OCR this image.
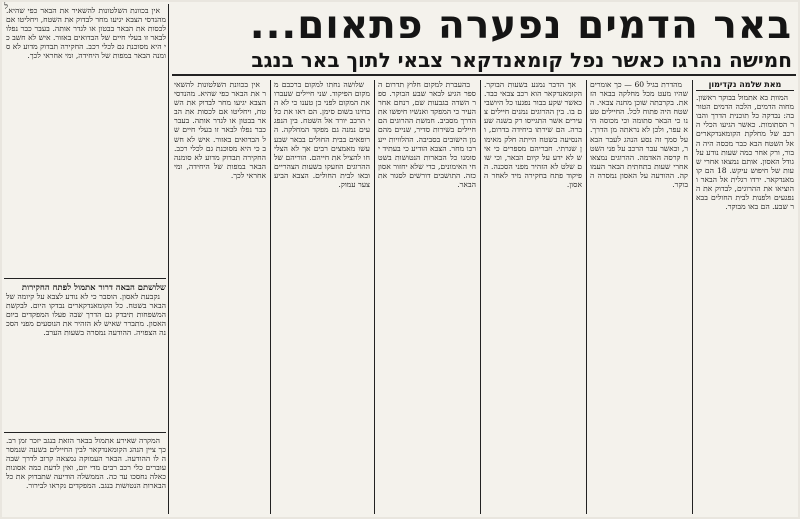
ל	באר הדמים נפערה פתאום...
חמישה נהרגו כאשר נפל קומאנדקאר צבאי לתוך באר בנגב

אין בכוונת השלטונות להשאיר את הבאר כפי שהיא. מהנדסי הצבא יגיעו מחר לבדוק את השטח, ויחליטו אם לכסות את הבאר בבטון או לגדר אותה. בעבר כבר נפלו לבאר זו בעלי חיים של הבדואים באזור. איש לא חשב כי היא מסוכנת גם לכלי רכב. החקירה תבדוק מדוע לא סומנה הבאר במפות של היחידה, ומי אחראי לכך.

שלושתם הבאה דרור אתמול לפתח החקירות

נקבעת לאסון. הוסבר כי לא נודע לצבא על קיומה של הבאר בשטח. כל הקומאנדקארים נבדקו היום. לבקשת המשפחות תיבדק גם הדרך שבה פעלו המפקדים ביום האסון. מתברר שאיש לא הזהיר את הנוסעים מפני הסכנה הצפויה. ההודעה נמסרה בשעות הערב.

המקרה שאירע אתמול בבאר הזאת בנגב יזכר זמן רב. כך ציין הנהג הקומאנדקאר לבין החיילים בשעה שנמסרה לו ההודעה. הבאר העמוקה נמצאה קרוב לדרך שבה עוברים כלי רכב רבים מדי יום, ואין לדעת כמה אסונות כאלה נחסכו עד כה. הממשלה הודיעה שתבדוק את כל הבארות הנטושות בנגב. המפקדים נקראו לבירור.

מאת שלמה נקדימון

המוות בא אתמול בבוקר ראשון. מחוה הדמים, הלכה הדמים הטורבה: נבדקה כל תוכנית הדרך והבור הסתומות. כאשר הגיעו הכלי הרכב של מחלקת הקומאנדקארים אל השטח הבא כבר מכסה היה הבור, ורק אחר כמה שעות נודע על גודל האסון. אותם נמצאו אחרי שעות של חיפוש עיקש. 18 הם קומאנדקאר. ירדו רגלית אל הבאר והוציאו את ההרוגים, לבדוק את הנפגעים ולפנות לבית החולים בבאר שבע. הם באו מבוקר.

מהדרת בגיל 60 — כך אומרים שהיו מעט מכל מחלקה בבאר הזאת. בקרבתה שוכן מחנה צבאי. השטח היה פתוח לכל. החיילים טענו כי הבאר סתומה וכי מכוסה היא עפר, ולכן לא נראתה מן הדרך. על סמך זה נסע הנהג לעבר הבאר, וכאשר עבר הרכב על פני השטח קרסה האדמה. ההרוגים נמצאו אחרי שעות בתחתית הבאר העמוקה. ההודעה על האסון נמסרה הבוקר.

אך הדבר נמנע בשעות הבוקר. הקומאנדקאר הוא רכב צבאי כבד. כאשר שקע בבור נפגעו כל היושבים בו. בין ההרוגים נמנים חיילים צעירים אשר התגייסו רק בשנה שעברה. הם שירתו ביחידה בדרום, והנסיעה בשטח הייתה חלק מאימון שגרתי. חבריהם מספרים כי איש לא ידע על קיום הבאר, וכי שום שלט לא הזהיר מפני הסכנה. הפיקוד פתח בחקירה מיד לאחר האסון.

בהעברת למקום חלוץ תדרום הספר הגיע לבאר שבע הבוקר. ספר השדה בגבעות שם, רנחם אחר העיר כי המפקד ואנשיו חיפשו את הדרך מסביב. חמשת ההרוגים הם חיילים בשירות סדיר, שניים מהם מן הישובים בסביבה. ההלוויות ייערכו מחר. הצבא הודיע כי בעתיד יסומנו כל הבארות הנטושות בשטחי האימונים, כדי שלא יחזור אסון כזה. התושבים דורשים לסגור את הבאר.

שלושה נחתו למקום ברכבם ממקום הפיקוד. שני חיילים שעברו את המקום לפני כן טענו כי לא הבחינו בשום סימן. הם ראו את כלי הרכב יורד אל השטח. בין הנפגעים נמנה גם מפקד המחלקה. הרופאים בבית החולים בבאר שבע עשו מאמצים רבים אך לא הצליחו להציל את חייהם. הוריהם של ההרוגים הוזעקו בשעות הצהריים ובאו לבית החולים. הצבא הביע צער עמוק.

אין בכוונת השלטונות להשאיר את הבאר כפי שהיא. מהנדסי הצבא יגיעו מחר לבדוק את השטח, ויחליטו אם לכסות את הבאר בבטון או לגדר אותה. בעבר כבר נפלו לבאר זו בעלי חיים של הבדואים באזור. איש לא חשב כי היא מסוכנת גם לכלי רכב. החקירה תבדוק מדוע לא סומנה הבאר במפות של היחידה, ומי אחראי לכך.
